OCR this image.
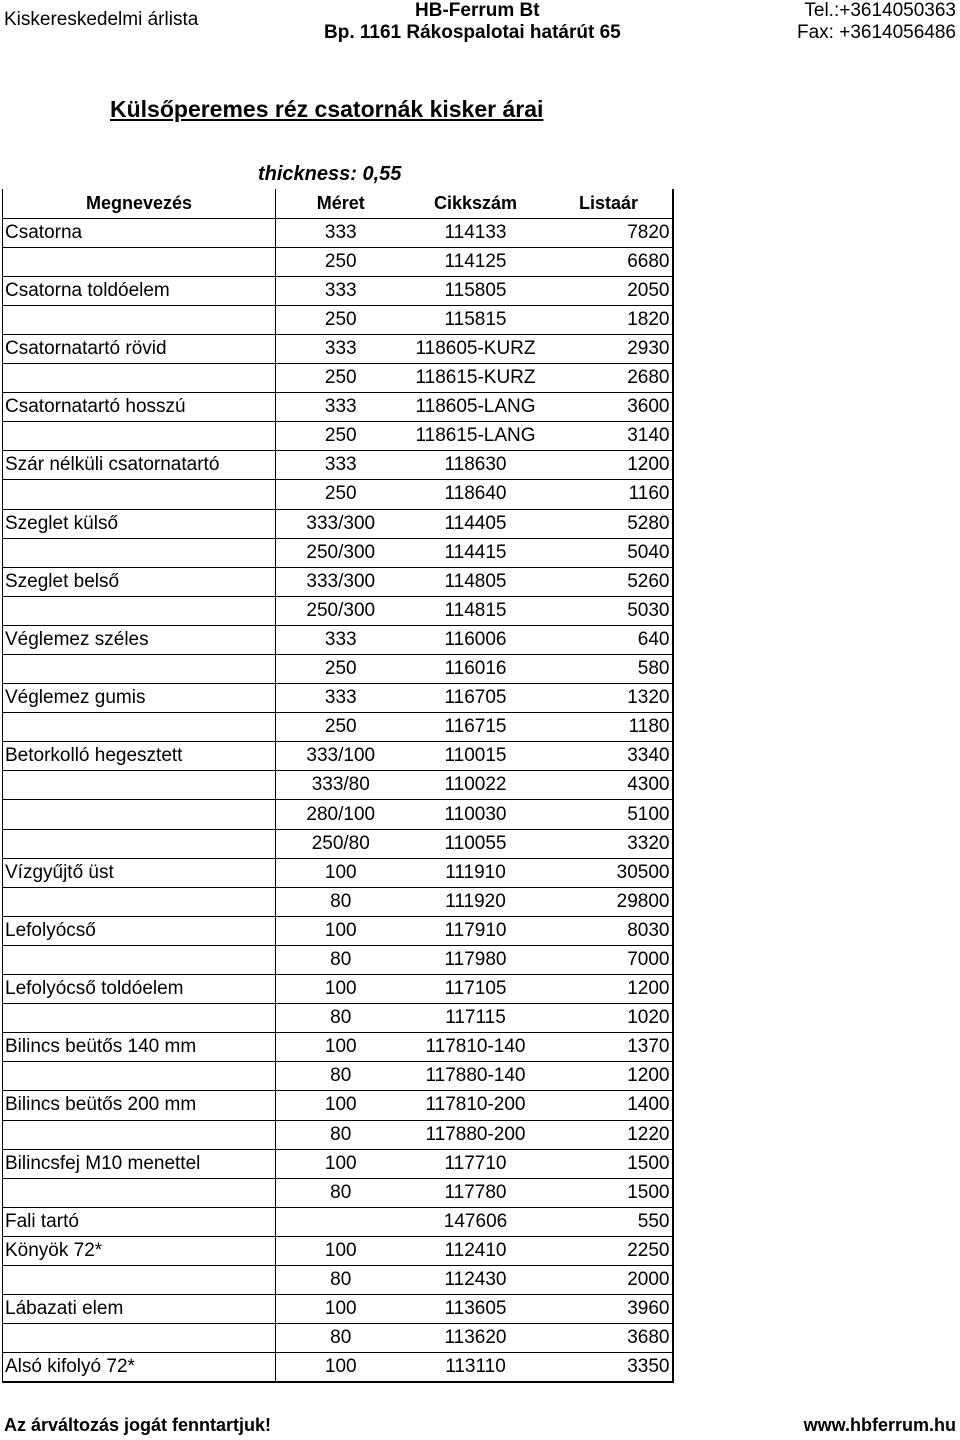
Kiskereskedelmi árlista	HB-Ferrum Bt
Bp. 1161 Rákospalotai határút 65
Tel.:+3614050363
Fax: +3614056486
Külsőperemes réz csatornák kisker árai
thickness: 0,55
Megnevezés	Méret	Cikkszám	Listaár
Csatorna	333	114133	7820
	250	114125	6680
Csatorna toldóelem	333	115805	2050
	250	115815	1820
Csatornatartó rövid	333	118605-KURZ	2930
	250	118615-KURZ	2680
Csatornatartó hosszú	333	118605-LANG	3600
	250	118615-LANG	3140
Szár nélküli csatornatartó	333	118630	1200
	250	118640	1160
Szeglet külső	333/300	114405	5280
	250/300	114415	5040
Szeglet belső	333/300	114805	5260
	250/300	114815	5030
Véglemez széles	333	116006	640
	250	116016	580
Véglemez gumis	333	116705	1320
	250	116715	1180
Betorkolló hegesztett	333/100	110015	3340
	333/80	110022	4300
	280/100	110030	5100
	250/80	110055	3320
Vízgyűjtő üst	100	111910	30500
	80	111920	29800
Lefolyócső	100	117910	8030
	80	117980	7000
Lefolyócső toldóelem	100	117105	1200
	80	117115	1020
Bilincs beütős 140 mm	100	117810-140	1370
	80	117880-140	1200
Bilincs beütős 200 mm	100	117810-200	1400
	80	117880-200	1220
Bilincsfej M10 menettel	100	117710	1500
	80	117780	1500
Fali tartó		147606	550
Könyök 72*	100	112410	2250
	80	112430	2000
Lábazati elem	100	113605	3960
	80	113620	3680
Alsó kifolyó 72*	100	113110	3350
Az árváltozás jogát fenntartjuk!	www.hbferrum.hu
